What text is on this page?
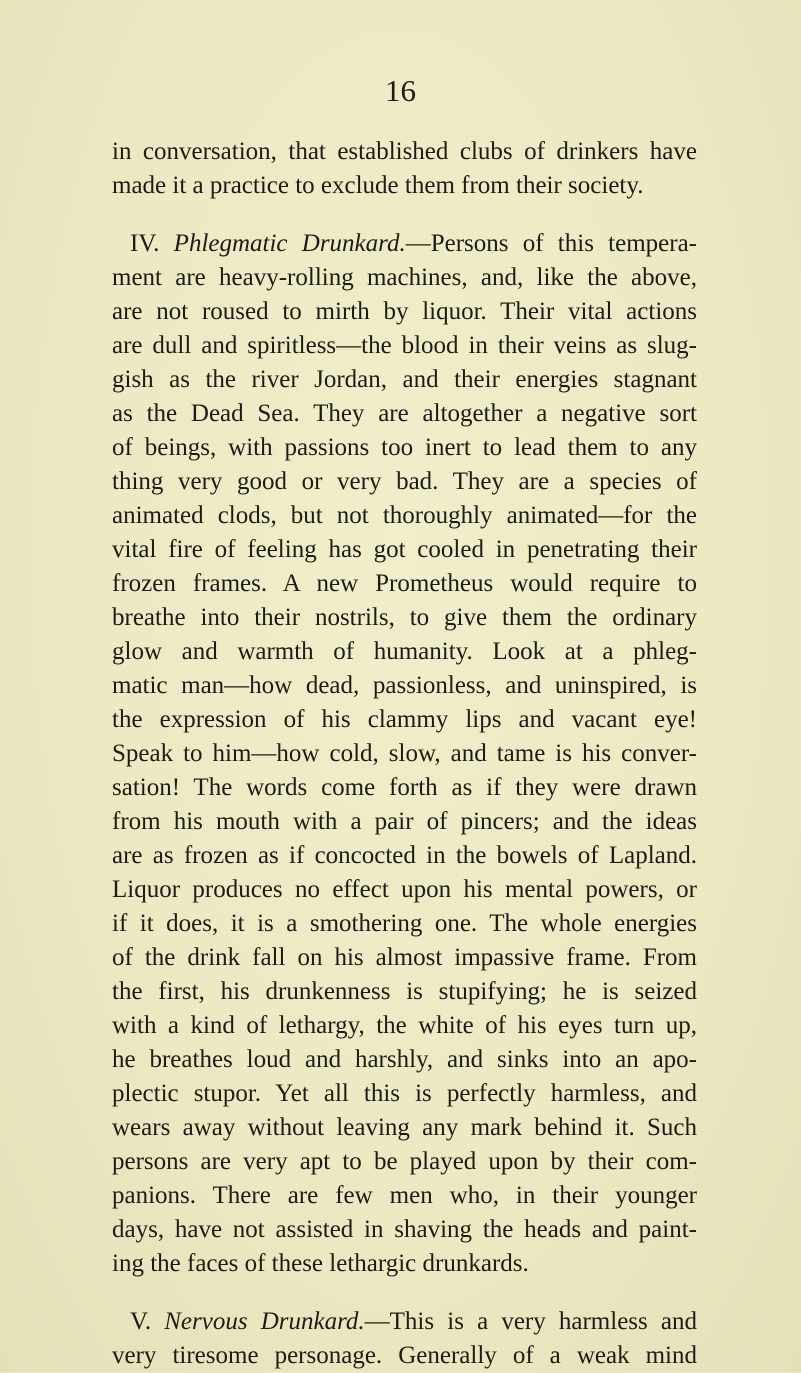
16
in conversation, that established clubs of drinkers have
made it a practice to exclude them from their society.
IV. Phlegmatic Drunkard.—Persons of this tempera-
ment are heavy-rolling machines, and, like the above,
are not roused to mirth by liquor. Their vital actions
are dull and spiritless—the blood in their veins as slug-
gish as the river Jordan, and their energies stagnant
as the Dead Sea. They are altogether a negative sort
of beings, with passions too inert to lead them to any
thing very good or very bad. They are a species of
animated clods, but not thoroughly animated—for the
vital fire of feeling has got cooled in penetrating their
frozen frames. A new Prometheus would require to
breathe into their nostrils, to give them the ordinary
glow and warmth of humanity. Look at a phleg-
matic man—how dead, passionless, and uninspired, is
the expression of his clammy lips and vacant eye!
Speak to him—how cold, slow, and tame is his conver-
sation! The words come forth as if they were drawn
from his mouth with a pair of pincers; and the ideas
are as frozen as if concocted in the bowels of Lapland.
Liquor produces no effect upon his mental powers, or
if it does, it is a smothering one. The whole energies
of the drink fall on his almost impassive frame. From
the first, his drunkenness is stupifying; he is seized
with a kind of lethargy, the white of his eyes turn up,
he breathes loud and harshly, and sinks into an apo-
plectic stupor. Yet all this is perfectly harmless, and
wears away without leaving any mark behind it. Such
persons are very apt to be played upon by their com-
panions. There are few men who, in their younger
days, have not assisted in shaving the heads and paint-
ing the faces of these lethargic drunkards.
V. Nervous Drunkard.—This is a very harmless and
very tiresome personage. Generally of a weak mind
